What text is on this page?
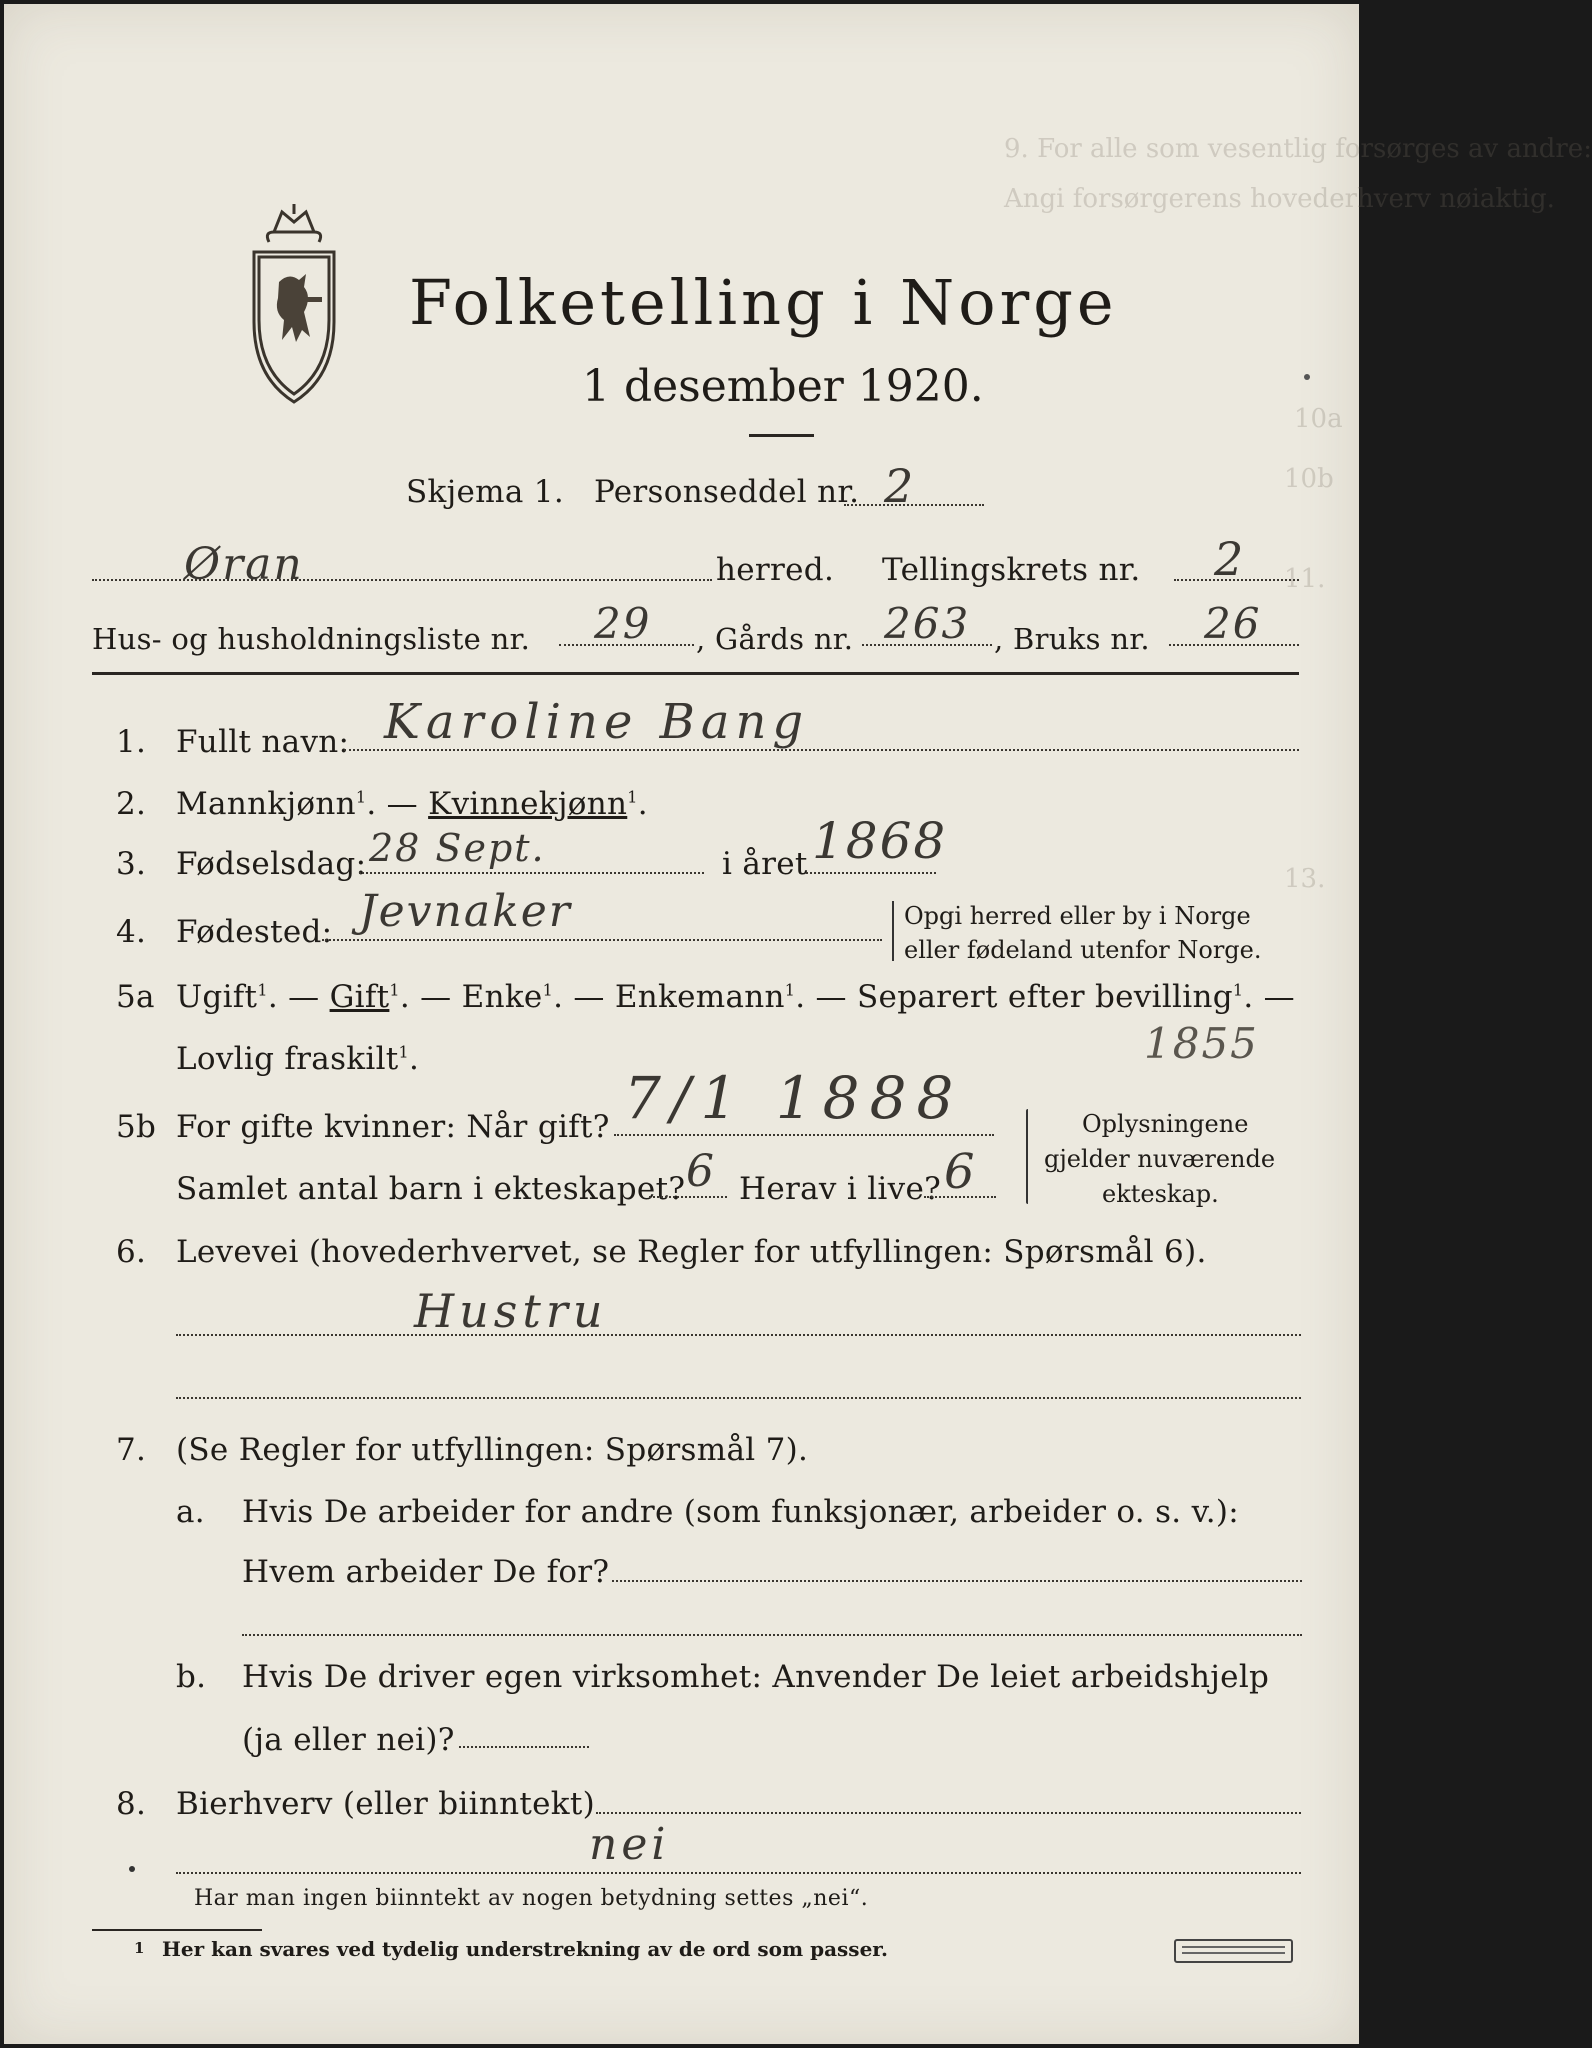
9. For alle som vesentlig forsørges av andre:
Angi forsørgerens hovederhverv nøiaktig.
10a
10b
11.
13.
Folketelling i Norge
1 desember 1920.
Skjema 1. Personseddel nr. 2
Øran	herred. Tellingskrets nr. 2
Hus- og husholdningsliste nr. 29 , Gårds nr. 263 , Bruks nr. 26
1. Fullt navn: Karoline Bang
2. Mannkjønn$^1$. — Kvinnekjønn$^1$.
3. Fødselsdag: 28 Sept.	i året 1868
4. Fødested: Jevnaker	Opgi herred eller by i Norge
eller fødeland utenfor Norge.
5a Ugift$^1$. — Gift$^1$. — Enke$^1$. — Enkemann$^1$. — Separert efter bevilling$^1$. —
Lovlig fraskilt$^1$.	1855
5b For gifte kvinner: Når gift? 7/1 1888
Samlet antal barn i ekteskapet? 6 Herav i live? 6
Oplysningene
gjelder nuværende
ekteskap.
6. Levevei (hovederhvervet, se Regler for utfyllingen: Spørsmål 6).
Hustru
7. (Se Regler for utfyllingen: Spørsmål 7).
a. Hvis De arbeider for andre (som funksjonær, arbeider o. s. v.):
Hvem arbeider De for?
b. Hvis De driver egen virksomhet: Anvender De leiet arbeidshjelp
(ja eller nei)?
8. Bierhverv (eller biinntekt)
nei
Har man ingen biinntekt av nogen betydning settes „nei“.
1 Her kan svares ved tydelig understrekning av de ord som passer.
